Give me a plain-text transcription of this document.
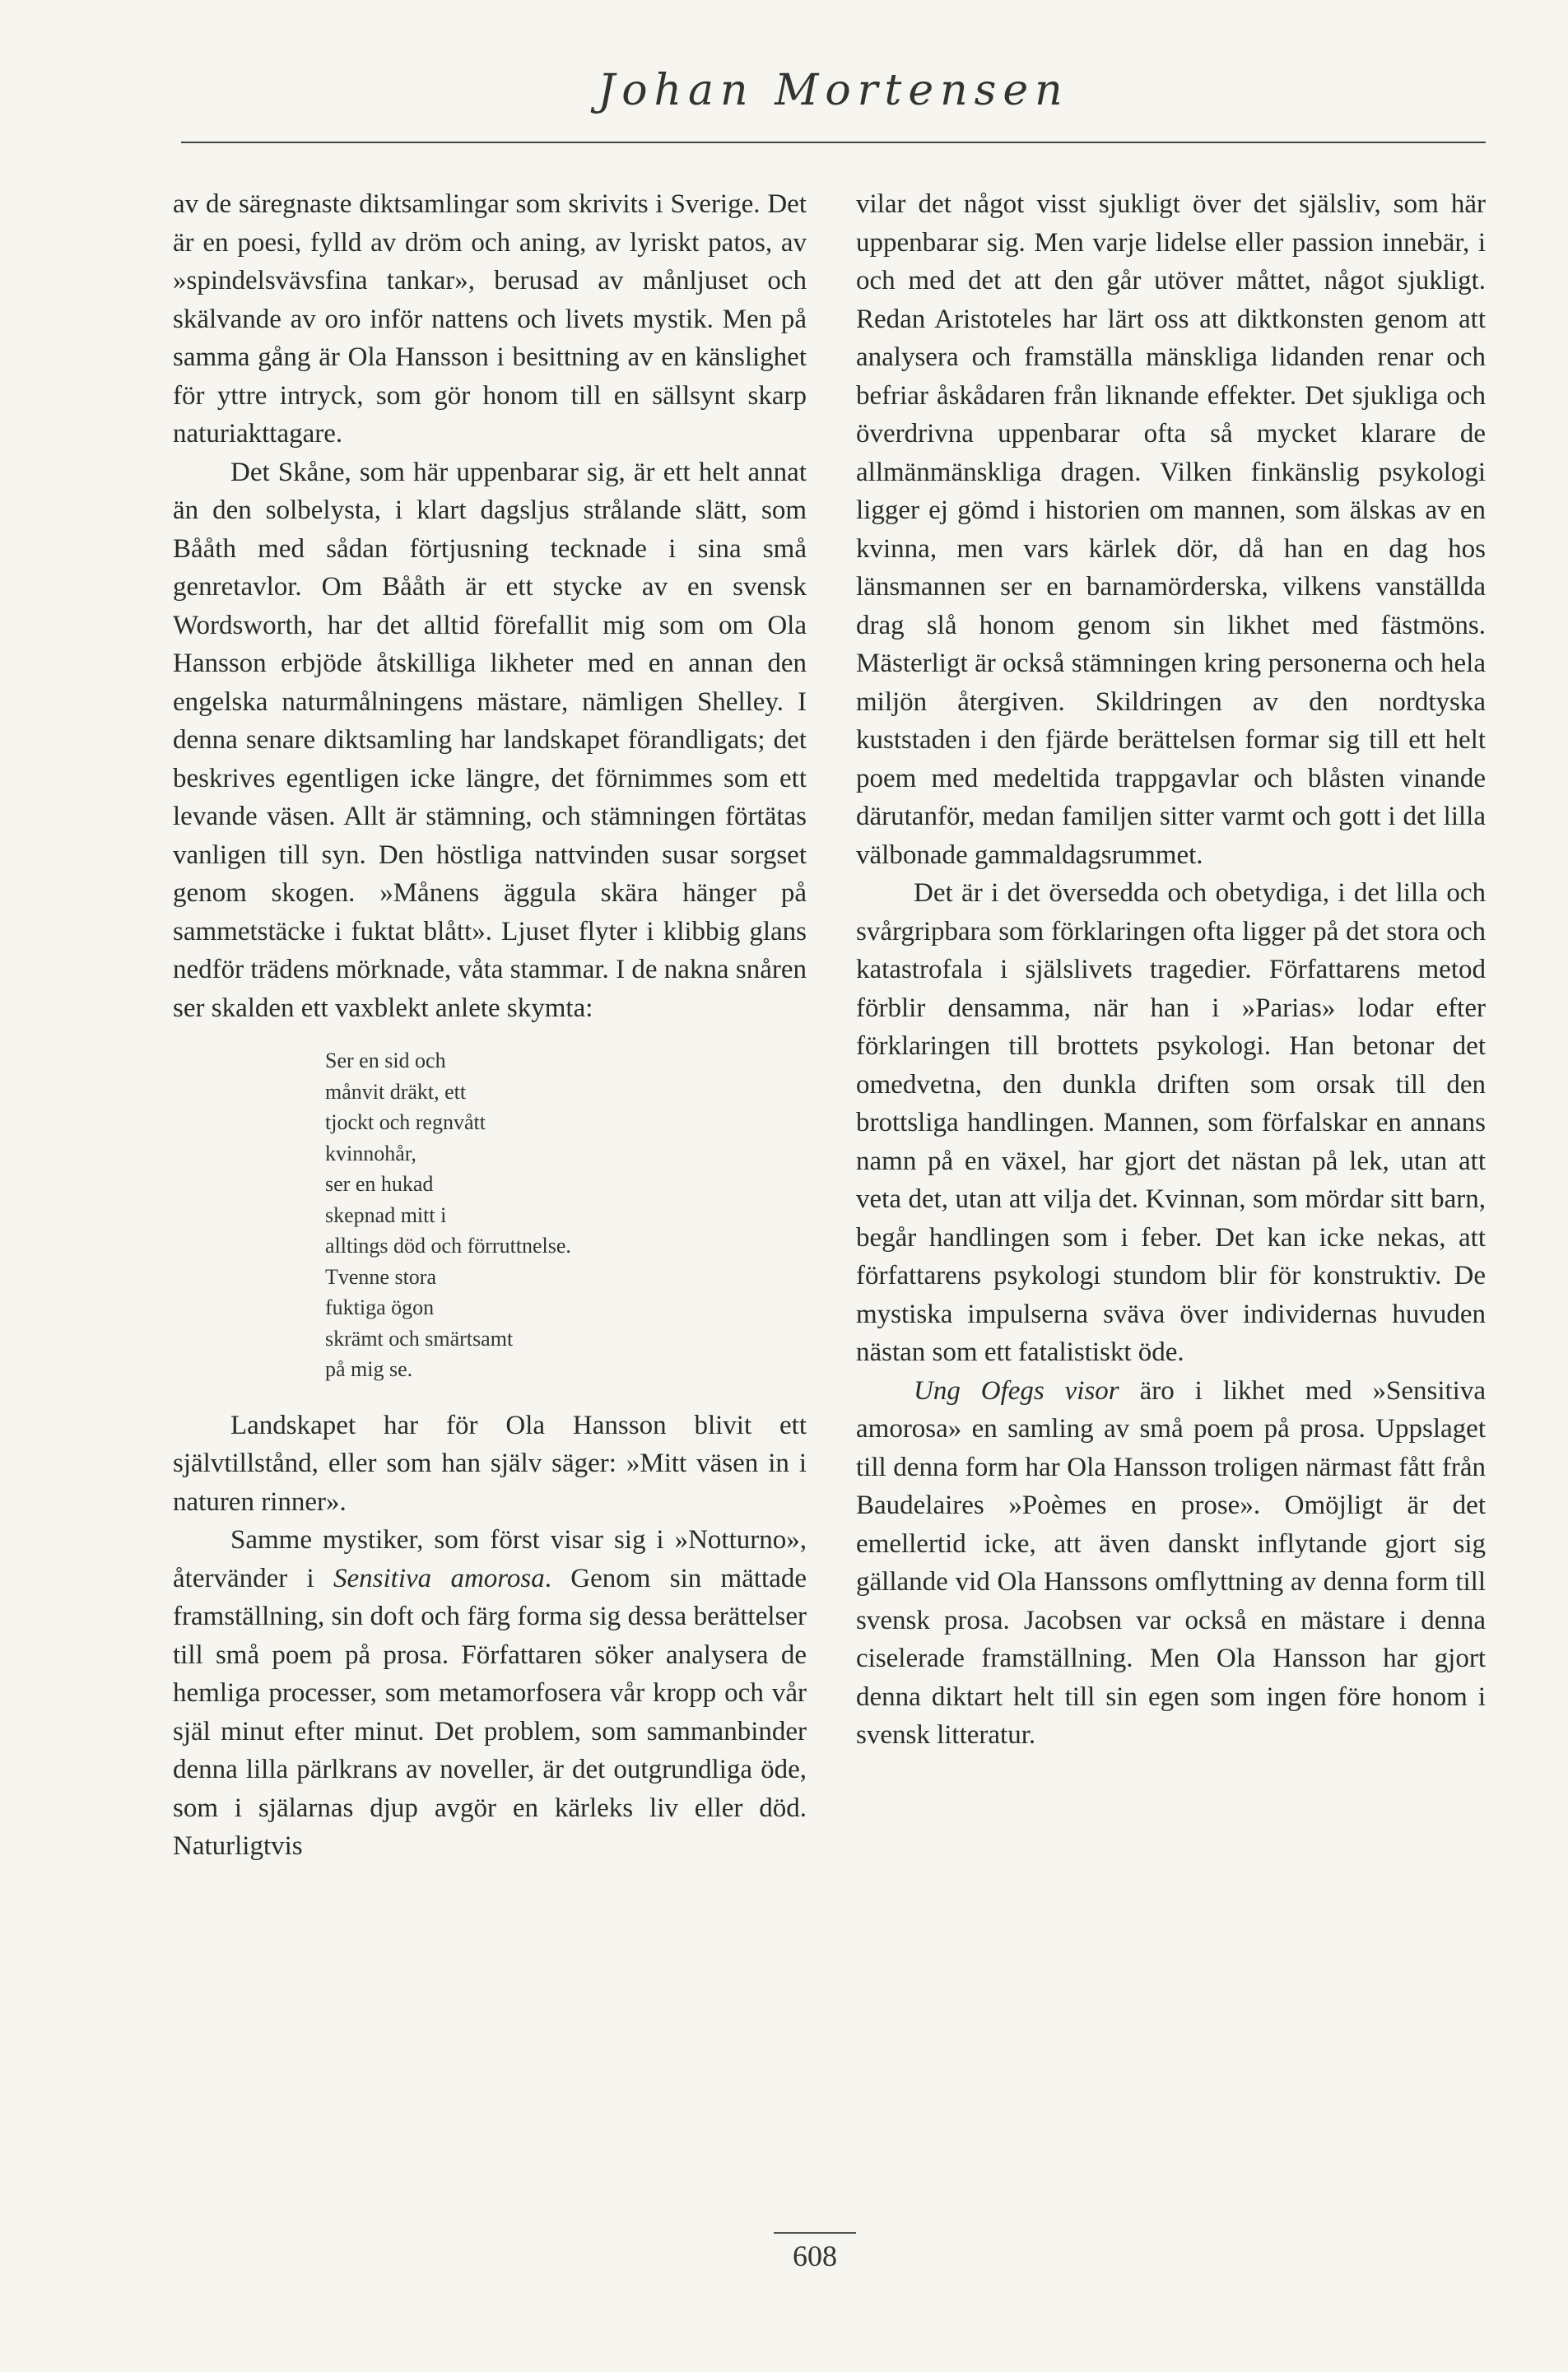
Johan Mortensen

av de säregnaste diktsamlingar som skrivits i Sverige. Det är en poesi, fylld av dröm och aning, av lyriskt patos, av »spindelsvävsfina tankar», berusad av månljuset och skälvande av oro inför nattens och livets mystik. Men på samma gång är Ola Hansson i besittning av en känslighet för yttre intryck, som gör honom till en sällsynt skarp naturiakttagare.

Det Skåne, som här uppenbarar sig, är ett helt annat än den solbelysta, i klart dagsljus strålande slätt, som Bååth med sådan förtjusning tecknade i sina små genretavlor. Om Bååth är ett stycke av en svensk Wordsworth, har det alltid förefallit mig som om Ola Hansson erbjöde åtskilliga likheter med en annan den engelska naturmålningens mästare, nämligen Shelley. I denna senare diktsamling har landskapet förandligats; det beskrives egentligen icke längre, det förnimmes som ett levande väsen. Allt är stämning, och stämningen förtätas vanligen till syn. Den höstliga nattvinden susar sorgset genom skogen. »Månens äggula skära hänger på sammetstäcke i fuktat blått». Ljuset flyter i klibbig glans nedför trädens mörknade, våta stammar. I de nakna snåren ser skalden ett vaxblekt anlete skymta:

Ser en sid och
månvit dräkt, ett
tjockt och regnvått
kvinnohår,
ser en hukad
skepnad mitt i
alltings död och förruttnelse.
Tvenne stora
fuktiga ögon
skrämt och smärtsamt
på mig se.

Landskapet har för Ola Hansson blivit ett självtillstånd, eller som han själv säger: »Mitt väsen in i naturen rinner».

Samme mystiker, som först visar sig i »Notturno», återvänder i Sensitiva amorosa. Genom sin mättade framställning, sin doft och färg forma sig dessa berättelser till små poem på prosa. Författaren söker analysera de hemliga processer, som metamorfosera vår kropp och vår själ minut efter minut. Det problem, som sammanbinder denna lilla pärlkrans av noveller, är det outgrundliga öde, som i själarnas djup avgör en kärleks liv eller död. Naturligtvis

vilar det något visst sjukligt över det själsliv, som här uppenbarar sig. Men varje lidelse eller passion innebär, i och med det att den går utöver måttet, något sjukligt. Redan Aristoteles har lärt oss att diktkonsten genom att analysera och framställa mänskliga lidanden renar och befriar åskådaren från liknande effekter. Det sjukliga och överdrivna uppenbarar ofta så mycket klarare de allmänmänskliga dragen. Vilken finkänslig psykologi ligger ej gömd i historien om mannen, som älskas av en kvinna, men vars kärlek dör, då han en dag hos länsmannen ser en barnamörderska, vilkens vanställda drag slå honom genom sin likhet med fästmöns. Mästerligt är också stämningen kring personerna och hela miljön återgiven. Skildringen av den nordtyska kuststaden i den fjärde berättelsen formar sig till ett helt poem med medeltida trappgavlar och blåsten vinande därutanför, medan familjen sitter varmt och gott i det lilla välbonade gammaldagsrummet.

Det är i det översedda och obetydiga, i det lilla och svårgripbara som förklaringen ofta ligger på det stora och katastrofala i själslivets tragedier. Författarens metod förblir densamma, när han i »Parias» lodar efter förklaringen till brottets psykologi. Han betonar det omedvetna, den dunkla driften som orsak till den brottsliga handlingen. Mannen, som förfalskar en annans namn på en växel, har gjort det nästan på lek, utan att veta det, utan att vilja det. Kvinnan, som mördar sitt barn, begår handlingen som i feber. Det kan icke nekas, att författarens psykologi stundom blir för konstruktiv. De mystiska impulserna sväva över individernas huvuden nästan som ett fatalistiskt öde.

Ung Ofegs visor äro i likhet med »Sensitiva amorosa» en samling av små poem på prosa. Uppslaget till denna form har Ola Hansson troligen närmast fått från Baudelaires »Poèmes en prose». Omöjligt är det emellertid icke, att även danskt inflytande gjort sig gällande vid Ola Hanssons omflyttning av denna form till svensk prosa. Jacobsen var också en mästare i denna ciselerade framställning. Men Ola Hansson har gjort denna diktart helt till sin egen som ingen före honom i svensk litteratur.

608
